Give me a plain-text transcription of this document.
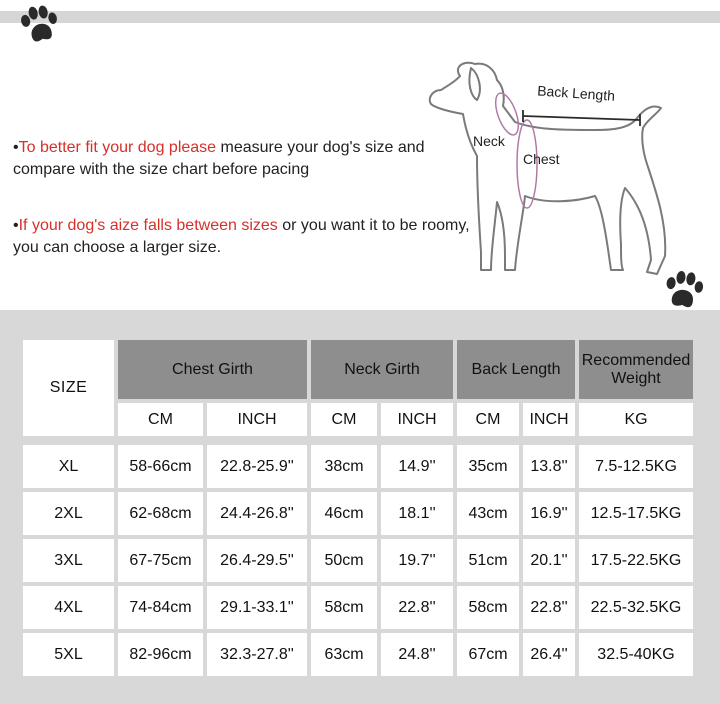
•To better fit your dog please measure your dog's size and compare with the size chart before pacing
•If your dog's aize falls between sizes or you want it to be roomy, you can choose a larger size.
Back Length
Neck
Chest
SIZE	Chest Girth		Neck Girth		Back Length		Recommended Weight
	CM	INCH	CM	INCH	CM	INCH	KG

XL	58-66cm	22.8-25.9''	38cm	14.9''	35cm	13.8''	7.5-12.5KG
2XL	62-68cm	24.4-26.8''	46cm	18.1''	43cm	16.9''	12.5-17.5KG
3XL	67-75cm	26.4-29.5''	50cm	19.7''	51cm	20.1''	17.5-22.5KG
4XL	74-84cm	29.1-33.1''	58cm	22.8''	58cm	22.8''	22.5-32.5KG
5XL	82-96cm	32.3-27.8''	63cm	24.8''	67cm	26.4''	32.5-40KG
